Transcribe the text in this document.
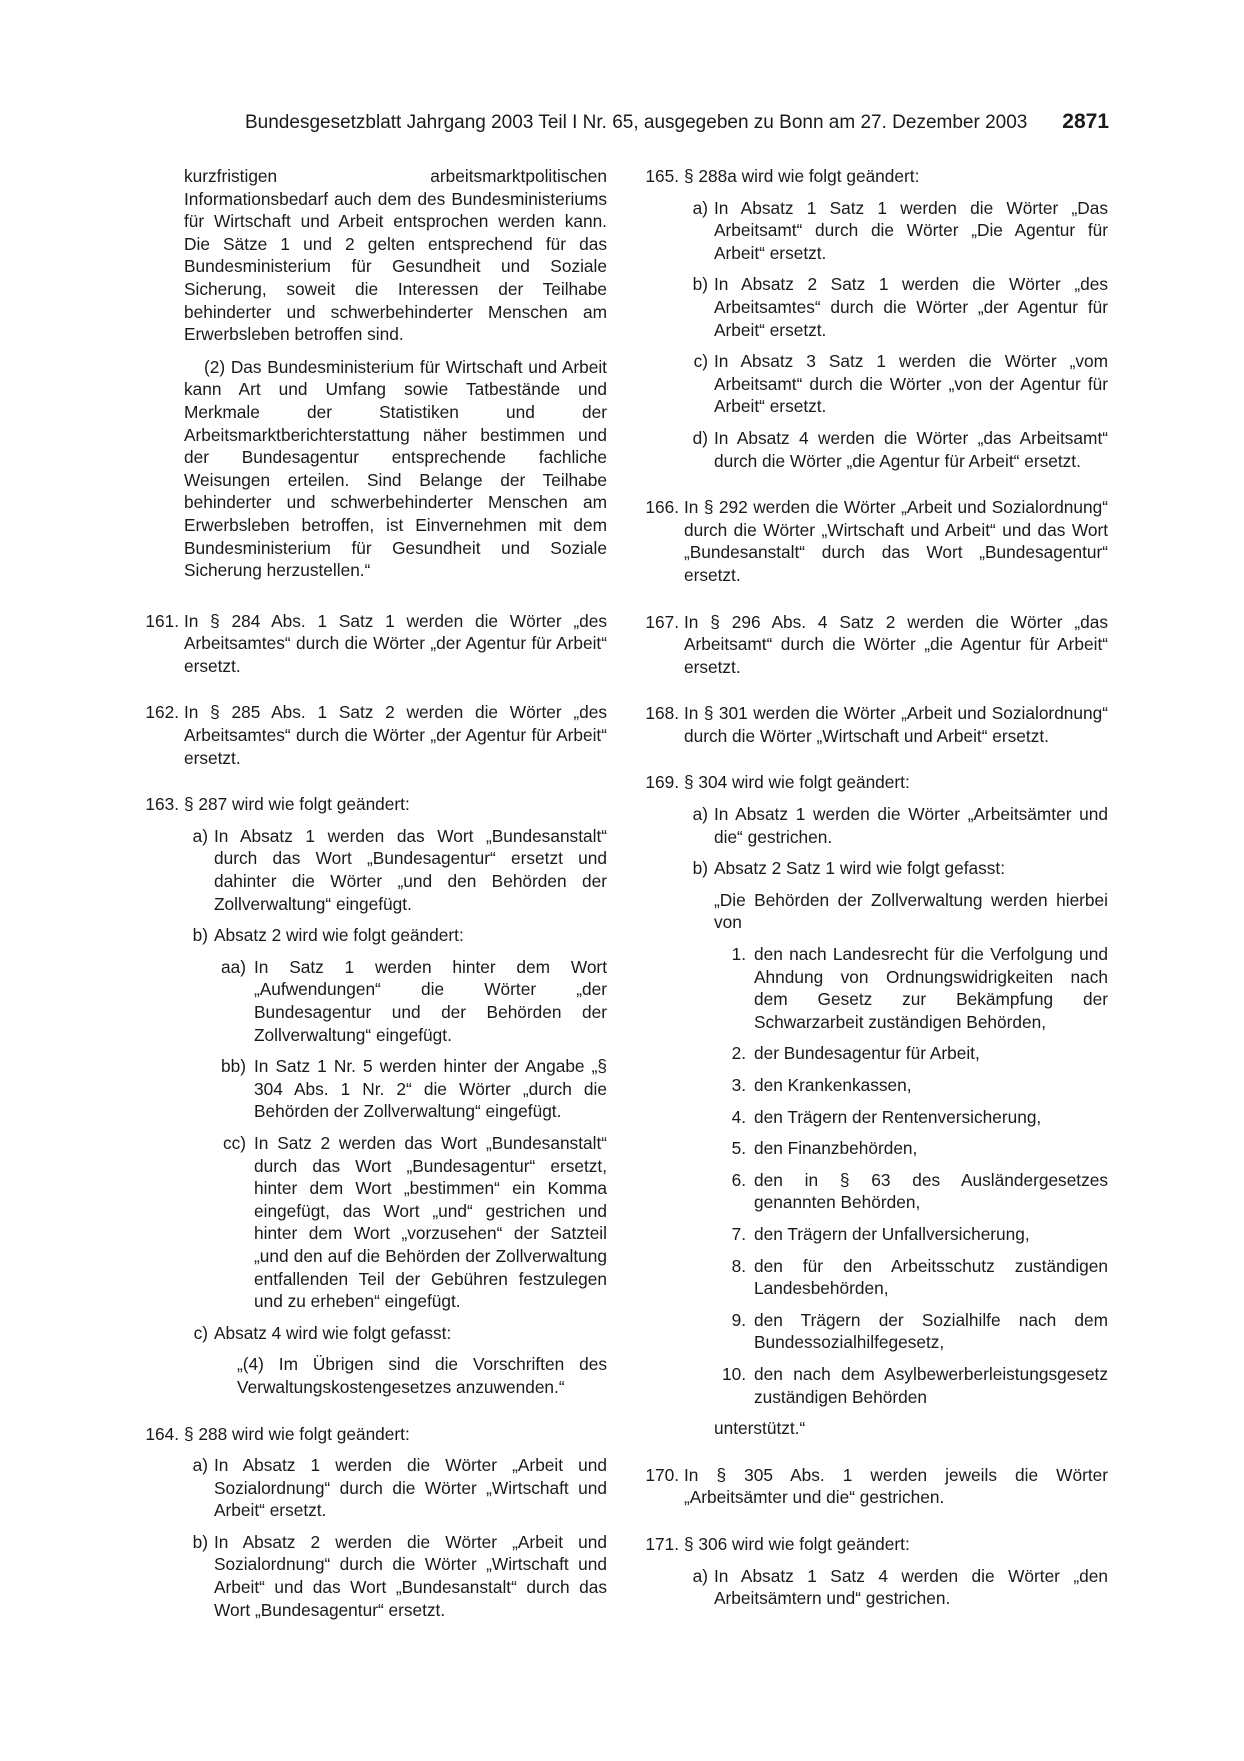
Bundesgesetzblatt Jahrgang 2003 Teil I Nr. 65, ausgegeben zu Bonn am 27. Dezember 2003 2871

kurzfristigen arbeitsmarktpolitischen Informationsbedarf auch dem des Bundesministeriums für Wirtschaft und Arbeit entsprochen werden kann. Die Sätze 1 und 2 gelten entsprechend für das Bundesministerium für Gesundheit und Soziale Sicherung, soweit die Interessen der Teilhabe behinderter und schwerbehinderter Menschen am Erwerbsleben betroffen sind.

(2) Das Bundesministerium für Wirtschaft und Arbeit kann Art und Umfang sowie Tatbestände und Merkmale der Statistiken und der Arbeitsmarktberichterstattung näher bestimmen und der Bundesagentur entsprechende fachliche Weisungen erteilen. Sind Belange der Teilhabe behinderter und schwerbehinderter Menschen am Erwerbsleben betroffen, ist Einvernehmen mit dem Bundesministerium für Gesundheit und Soziale Sicherung herzustellen.“

161. In § 284 Abs. 1 Satz 1 werden die Wörter „des Arbeitsamtes“ durch die Wörter „der Agentur für Arbeit“ ersetzt.
162. In § 285 Abs. 1 Satz 2 werden die Wörter „des Arbeitsamtes“ durch die Wörter „der Agentur für Arbeit“ ersetzt.
163. § 287 wird wie folgt geändert:
a) In Absatz 1 werden das Wort „Bundesanstalt“ durch das Wort „Bundesagentur“ ersetzt und dahinter die Wörter „und den Behörden der Zollverwaltung“ eingefügt.
b) Absatz 2 wird wie folgt geändert:
aa) In Satz 1 werden hinter dem Wort „Aufwendungen“ die Wörter „der Bundesagentur und der Behörden der Zollverwaltung“ eingefügt.
bb) In Satz 1 Nr. 5 werden hinter der Angabe „§ 304 Abs. 1 Nr. 2“ die Wörter „durch die Behörden der Zollverwaltung“ eingefügt.
cc) In Satz 2 werden das Wort „Bundesanstalt“ durch das Wort „Bundesagentur“ ersetzt, hinter dem Wort „bestimmen“ ein Komma eingefügt, das Wort „und“ gestrichen und hinter dem Wort „vorzusehen“ der Satzteil „und den auf die Behörden der Zollverwaltung entfallenden Teil der Gebühren festzulegen und zu erheben“ eingefügt.
c) Absatz 4 wird wie folgt gefasst:
„(4) Im Übrigen sind die Vorschriften des Verwaltungskostengesetzes anzuwenden.“
164. § 288 wird wie folgt geändert:
a) In Absatz 1 werden die Wörter „Arbeit und Sozialordnung“ durch die Wörter „Wirtschaft und Arbeit“ ersetzt.
b) In Absatz 2 werden die Wörter „Arbeit und Sozialordnung“ durch die Wörter „Wirtschaft und Arbeit“ und das Wort „Bundesanstalt“ durch das Wort „Bundesagentur“ ersetzt.
165. § 288a wird wie folgt geändert:
a) In Absatz 1 Satz 1 werden die Wörter „Das Arbeitsamt“ durch die Wörter „Die Agentur für Arbeit“ ersetzt.
b) In Absatz 2 Satz 1 werden die Wörter „des Arbeitsamtes“ durch die Wörter „der Agentur für Arbeit“ ersetzt.
c) In Absatz 3 Satz 1 werden die Wörter „vom Arbeitsamt“ durch die Wörter „von der Agentur für Arbeit“ ersetzt.
d) In Absatz 4 werden die Wörter „das Arbeitsamt“ durch die Wörter „die Agentur für Arbeit“ ersetzt.
166. In § 292 werden die Wörter „Arbeit und Sozialordnung“ durch die Wörter „Wirtschaft und Arbeit“ und das Wort „Bundesanstalt“ durch das Wort „Bundesagentur“ ersetzt.
167. In § 296 Abs. 4 Satz 2 werden die Wörter „das Arbeitsamt“ durch die Wörter „die Agentur für Arbeit“ ersetzt.
168. In § 301 werden die Wörter „Arbeit und Sozialordnung“ durch die Wörter „Wirtschaft und Arbeit“ ersetzt.
169. § 304 wird wie folgt geändert:
a) In Absatz 1 werden die Wörter „Arbeitsämter und die“ gestrichen.
b) Absatz 2 Satz 1 wird wie folgt gefasst:
„Die Behörden der Zollverwaltung werden hierbei von
1. den nach Landesrecht für die Verfolgung und Ahndung von Ordnungswidrigkeiten nach dem Gesetz zur Bekämpfung der Schwarzarbeit zuständigen Behörden,
2. der Bundesagentur für Arbeit,
3. den Krankenkassen,
4. den Trägern der Rentenversicherung,
5. den Finanzbehörden,
6. den in § 63 des Ausländergesetzes genannten Behörden,
7. den Trägern der Unfallversicherung,
8. den für den Arbeitsschutz zuständigen Landesbehörden,
9. den Trägern der Sozialhilfe nach dem Bundessozialhilfegesetz,
10. den nach dem Asylbewerberleistungsgesetz zuständigen Behörden
unterstützt.“
170. In § 305 Abs. 1 werden jeweils die Wörter „Arbeitsämter und die“ gestrichen.
171. § 306 wird wie folgt geändert:
a) In Absatz 1 Satz 4 werden die Wörter „den Arbeitsämtern und“ gestrichen.
